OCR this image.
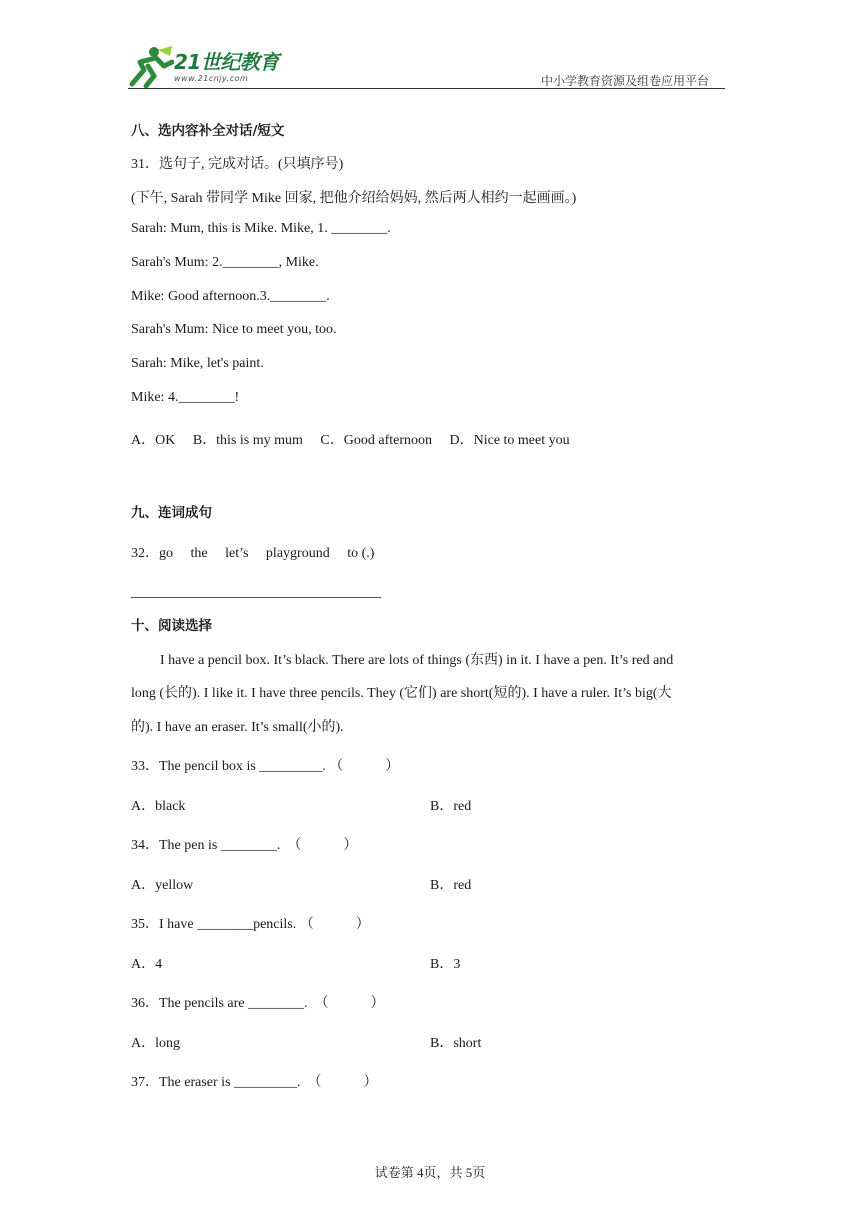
21世纪教育
www.21cnjy.com	中小学教育资源及组卷应用平台
八、选内容补全对话/短文
31．选句子, 完成对话。(只填序号)
(下午, Sarah 带同学 Mike 回家, 把他介绍给妈妈, 然后两人相约一起画画。)
Sarah: Mum, this is Mike. Mike, 1. ________.
Sarah's Mum: 2.________, Mike.
Mike: Good afternoon.3.________.
Sarah's Mum: Nice to meet you, too.
Sarah: Mike, let's paint.
Mike: 4.________!
A．OK　 B．this is my mum　 C．Good afternoon　 D．Nice to meet you
九、连词成句
32．go　 the　 let’s　 playground　 to (.)
十、阅读选择
I have a pencil box. It’s black. There are lots of things (东西) in it. I have a pen. It’s red and
long (长的). I like it. I have three pencils. They (它们) are short(短的). I have a ruler. It’s big(大
的). I have an eraser. It’s small(小的).
33．The pencil box is _________. （　　　）
A．black	B．red
34．The pen is ________.　（　　　）
A．yellow	B．red
35．I have ________pencils. （　　　）
A．4	B．3
36．The pencils are ________.　（　　　）
A．long	B．short
37．The eraser is _________.　（　　　）
试卷第 4页，共 5页
